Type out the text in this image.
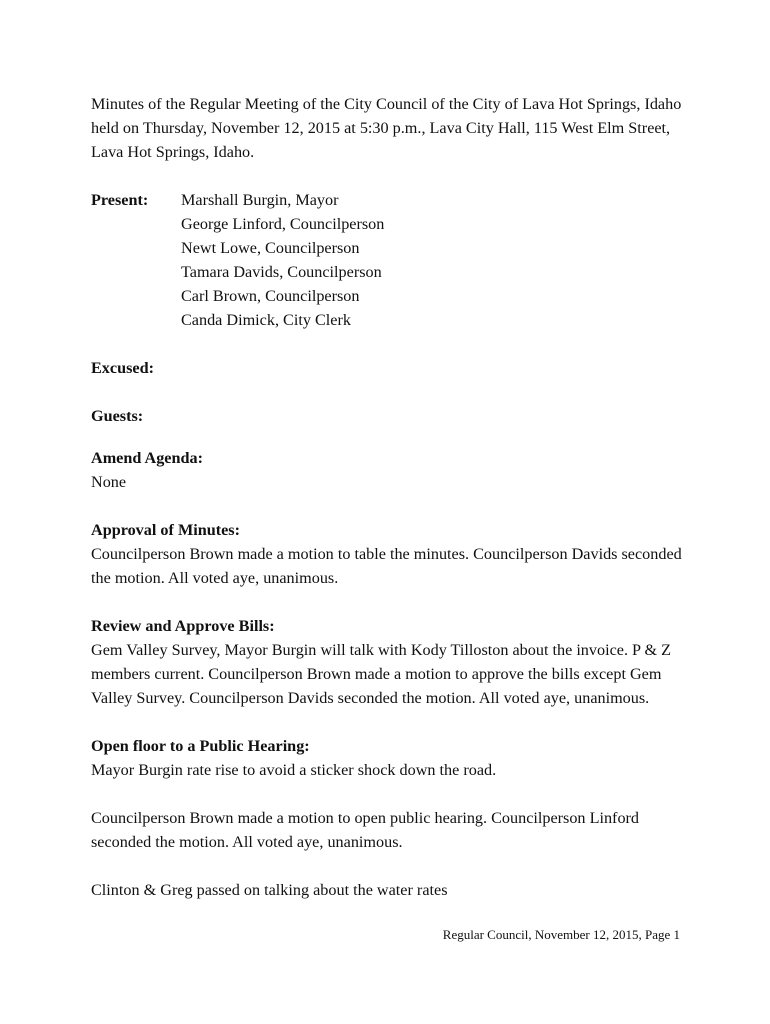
Minutes of the Regular Meeting of the City Council of the City of Lava Hot Springs, Idaho held on Thursday, November 12, 2015 at 5:30 p.m., Lava City Hall, 115 West Elm Street, Lava Hot Springs, Idaho.

Present:	Marshall Burgin, Mayor
George Linford, Councilperson
Newt Lowe, Councilperson
Tamara Davids, Councilperson
Carl Brown, Councilperson
Canda Dimick, City Clerk

Excused:

Guests:

Amend Agenda:

None

Approval of Minutes:

Councilperson Brown made a motion to table the minutes. Councilperson Davids seconded the motion. All voted aye, unanimous.

Review and Approve Bills:

Gem Valley Survey, Mayor Burgin will talk with Kody Tilloston about the invoice. P & Z members current. Councilperson Brown made a motion to approve the bills except Gem Valley Survey. Councilperson Davids seconded the motion. All voted aye, unanimous.

Open floor to a Public Hearing:

Mayor Burgin rate rise to avoid a sticker shock down the road.

Councilperson Brown made a motion to open public hearing. Councilperson Linford seconded the motion. All voted aye, unanimous.

Clinton & Greg passed on talking about the water rates

Regular Council, November 12, 2015, Page 1
